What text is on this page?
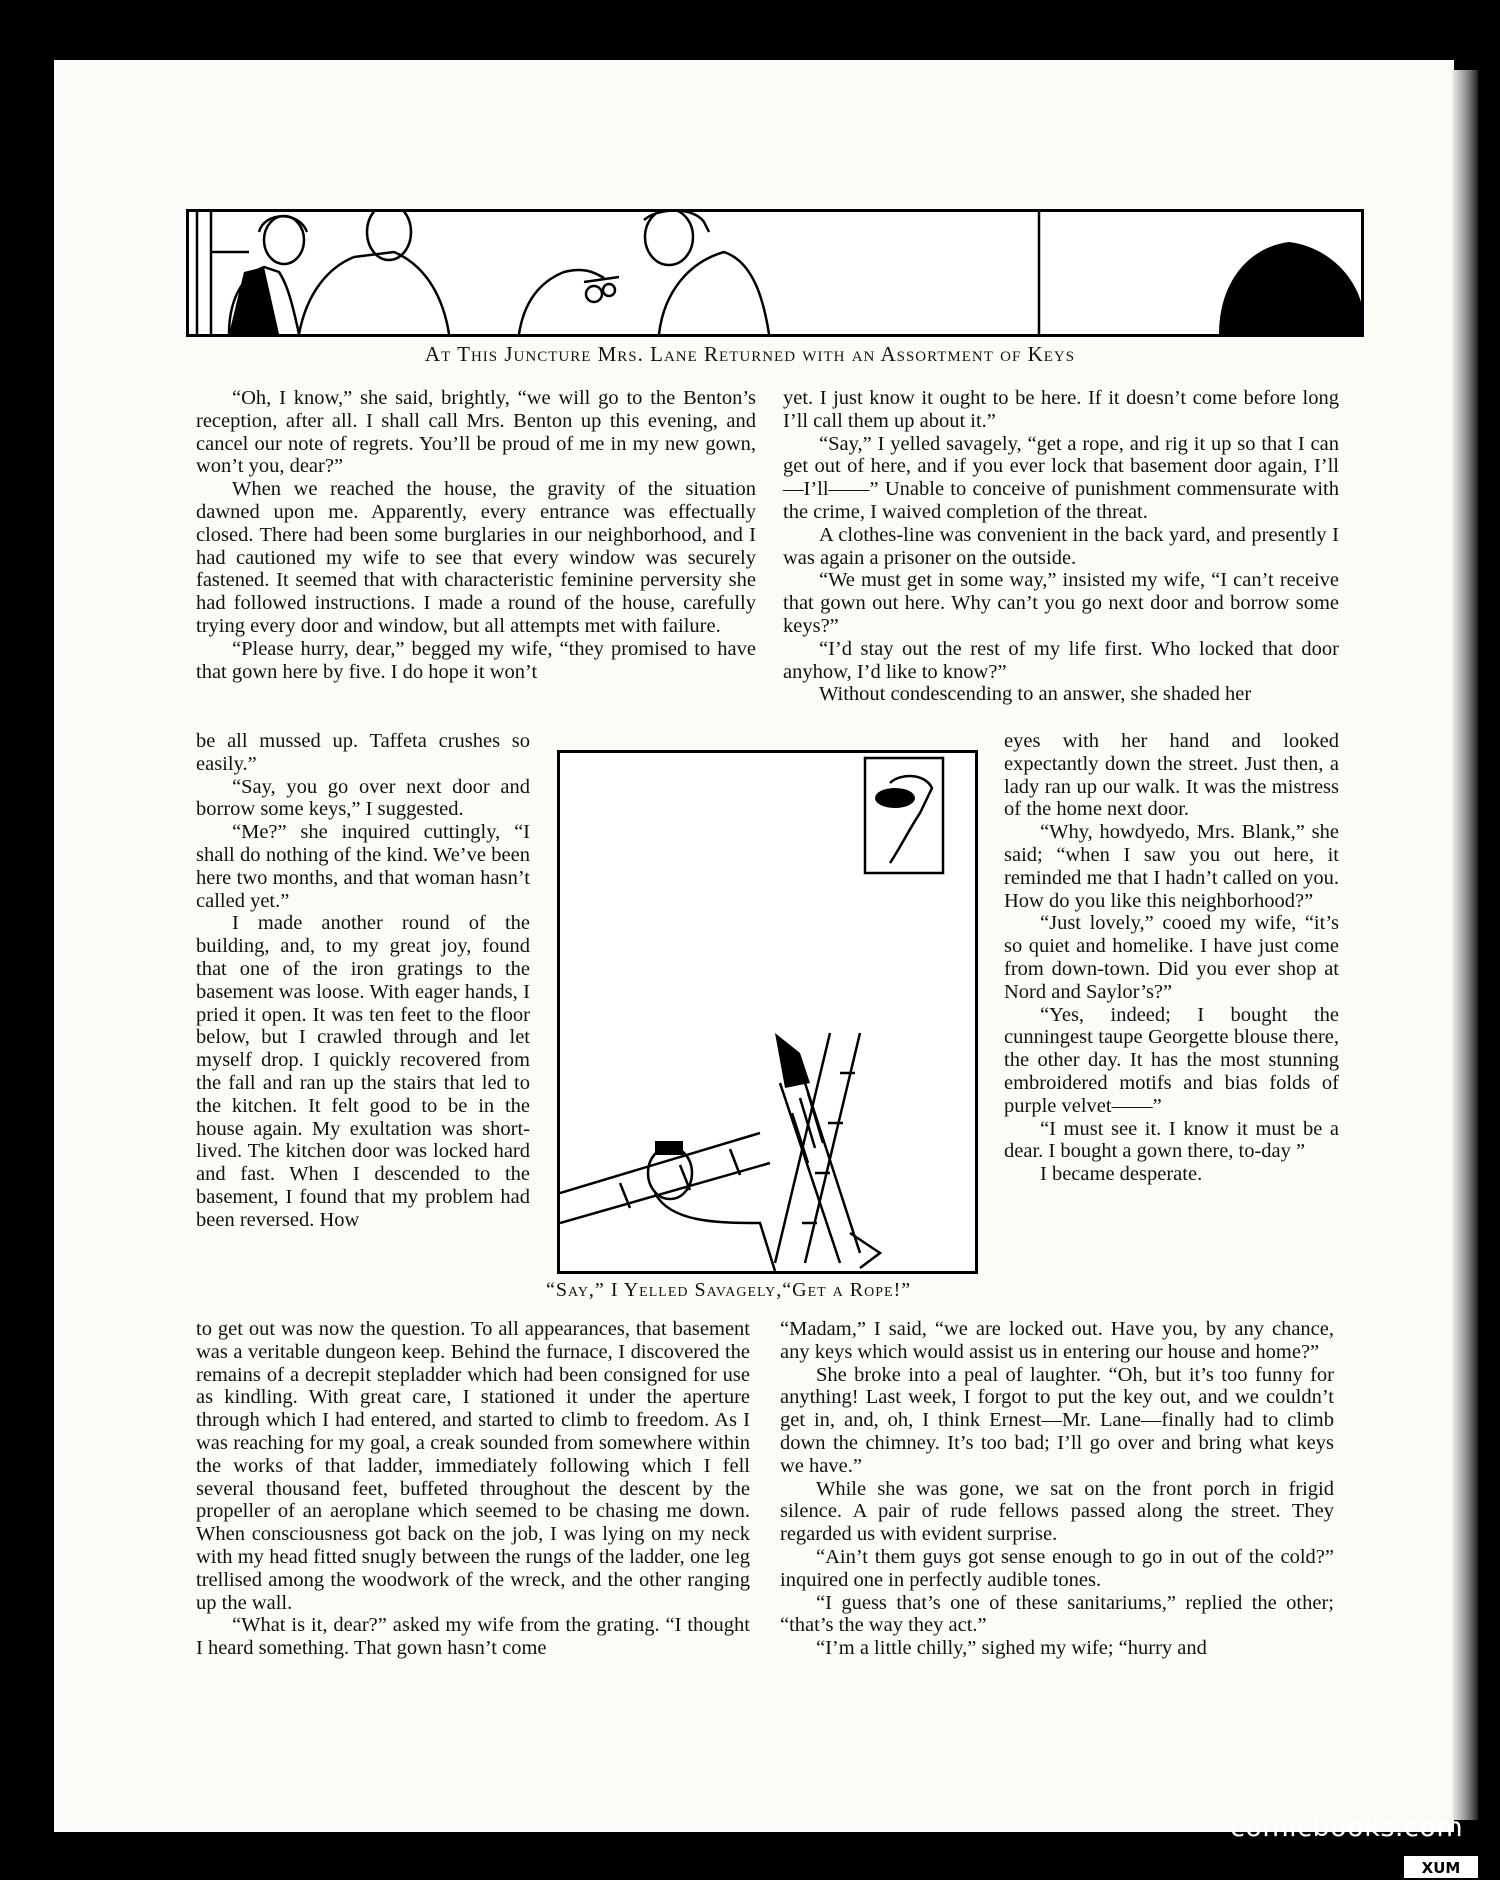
At This Juncture Mrs. Lane Returned with an Assortment of Keys
“Say,” I Yelled Savagely,“Get a Rope!”

“Oh, I know,” she said, brightly, “we will go to the Benton’s reception, after all. I shall call Mrs. Benton up this evening, and cancel our note of regrets. You’ll be proud of me in my new gown, won’t you, dear?”

When we reached the house, the gravity of the situation dawned upon me. Apparently, every entrance was effectually closed. There had been some burglaries in our neighborhood, and I had cautioned my wife to see that every window was securely fastened. It seemed that with characteristic feminine perversity she had followed instructions. I made a round of the house, carefully trying every door and window, but all attempts met with failure.

“Please hurry, dear,” begged my wife, “they promised to have that gown here by five. I do hope it won’t

be all mussed up. Taffeta crushes so easily.”

“Say, you go over next door and borrow some keys,” I suggested.

“Me?” she inquired cuttingly, “I shall do nothing of the kind. We’ve been here two months, and that woman hasn’t called yet.”

I made another round of the building, and, to my great joy, found that one of the iron gratings to the basement was loose. With eager hands, I pried it open. It was ten feet to the floor below, but I crawled through and let myself drop. I quickly recovered from the fall and ran up the stairs that led to the kitchen. It felt good to be in the house again. My exultation was short-lived. The kitchen door was locked hard and fast. When I descended to the basement, I found that my problem had been reversed. How

to get out was now the question. To all appearances, that basement was a veritable dungeon keep. Behind the furnace, I discovered the remains of a decrepit stepladder which had been consigned for use as kindling. With great care, I stationed it under the aperture through which I had entered, and started to climb to freedom. As I was reaching for my goal, a creak sounded from somewhere within the works of that ladder, immediately following which I fell several thousand feet, buffeted throughout the descent by the propeller of an aeroplane which seemed to be chasing me down. When consciousness got back on the job, I was lying on my neck with my head fitted snugly between the rungs of the ladder, one leg trellised among the woodwork of the wreck, and the other ranging up the wall.

“What is it, dear?” asked my wife from the grating. “I thought I heard something. That gown hasn’t come

yet. I just know it ought to be here. If it doesn’t come before long I’ll call them up about it.”

“Say,” I yelled savagely, “get a rope, and rig it up so that I can get out of here, and if you ever lock that basement door again, I’ll—I’ll——” Unable to conceive of punishment commensurate with the crime, I waived completion of the threat.

A clothes-line was convenient in the back yard, and presently I was again a prisoner on the outside.

“We must get in some way,” insisted my wife, “I can’t receive that gown out here. Why can’t you go next door and borrow some keys?”

“I’d stay out the rest of my life first. Who locked that door anyhow, I’d like to know?”

Without condescending to an answer, she shaded her

eyes with her hand and looked expectantly down the street. Just then, a lady ran up our walk. It was the mistress of the home next door.

“Why, howdyedo, Mrs. Blank,” she said; “when I saw you out here, it reminded me that I hadn’t called on you. How do you like this neighborhood?”

“Just lovely,” cooed my wife, “it’s so quiet and homelike. I have just come from down-town. Did you ever shop at Nord and Saylor’s?”

“Yes, indeed; I bought the cunningest taupe Georgette blouse there, the other day. It has the most stunning embroidered motifs and bias folds of purple velvet——”

“I must see it. I know it must be a dear. I bought a gown there, to-day ”

I became desperate.

“Madam,” I said, “we are locked out. Have you, by any chance, any keys which would assist us in entering our house and home?”

She broke into a peal of laughter. “Oh, but it’s too funny for anything! Last week, I forgot to put the key out, and we couldn’t get in, and, oh, I think Ernest—Mr. Lane—finally had to climb down the chimney. It’s too bad; I’ll go over and bring what keys we have.”

While she was gone, we sat on the front porch in frigid silence. A pair of rude fellows passed along the street. They regarded us with evident surprise.

“Ain’t them guys got sense enough to go in out of the cold?” inquired one in perfectly audible tones.

“I guess that’s one of these sanitariums,” replied the other; “that’s the way they act.”

“I’m a little chilly,” sighed my wife; “hurry and

comicbooks.com
XUM
